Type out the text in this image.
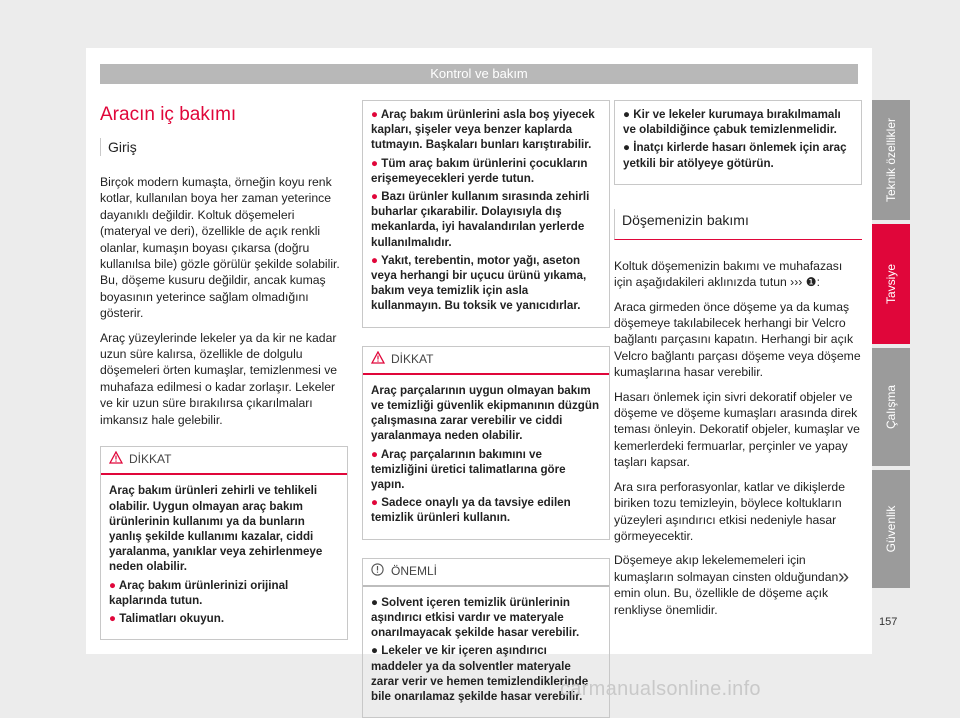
Kontrol ve bakım
Aracın iç bakımı
Giriş

Birçok modern kumaşta, örneğin koyu renk kotlar, kullanılan boya her zaman yeterince dayanıklı değildir. Koltuk döşemeleri (materyal ve deri), özellikle de açık renkli olanlar, kumaşın boyası çıkarsa (doğru kullanılsa bile) gözle görülür şekilde solabilir. Bu, döşeme kusuru değildir, ancak kumaş boyasının yeterince sağlam olmadığını gösterir.

Araç yüzeylerinde lekeler ya da kir ne kadar uzun süre kalırsa, özellikle de dolgulu döşemeleri örten kumaşlar, temizlenmesi ve muhafaza edilmesi o kadar zorlaşır. Lekeler ve kir uzun süre bırakılırsa çıkarılmaları imkansız hale gelebilir.

DİKKAT

Araç bakım ürünleri zehirli ve tehlikeli olabilir. Uygun olmayan araç bakım ürünlerinin kullanımı ya da bunların yanlış şekilde kullanımı kazalar, ciddi yaralanma, yanıklar veya zehirlenmeye neden olabilir.

● Araç bakım ürünlerinizi orijinal kaplarında tutun.

● Talimatları okuyun.

● Araç bakım ürünlerini asla boş yiyecek kapları, şişeler veya benzer kaplarda tutmayın. Başkaları bunları karıştırabilir.

● Tüm araç bakım ürünlerini çocukların erişemeyecekleri yerde tutun.

● Bazı ürünler kullanım sırasında zehirli buharlar çıkarabilir. Dolayısıyla dış mekanlarda, iyi havalandırılan yerlerde kullanılmalıdır.

● Yakıt, terebentin, motor yağı, aseton veya herhangi bir uçucu ürünü yıkama, bakım veya temizlik için asla kullanmayın. Bu toksik ve yanıcıdırlar.

DİKKAT

Araç parçalarının uygun olmayan bakım ve temizliği güvenlik ekipmanının düzgün çalışmasına zarar verebilir ve ciddi yaralanmaya neden olabilir.

● Araç parçalarının bakımını ve temizliğini üretici talimatlarına göre yapın.

● Sadece onaylı ya da tavsiye edilen temizlik ürünleri kullanın.

ÖNEMLİ

● Solvent içeren temizlik ürünlerinin aşındırıcı etkisi vardır ve materyale onarılmayacak şekilde hasar verebilir.

● Lekeler ve kir içeren aşındırıcı maddeler ya da solventler materyale zarar verir ve hemen temizlendiklerinde bile onarılamaz şekilde hasar verebilir.

● Kir ve lekeler kurumaya bırakılmamalı ve olabildiğince çabuk temizlenmelidir.

● İnatçı kirlerde hasarı önlemek için araç yetkili bir atölyeye götürün.

Döşemenizin bakımı

Koltuk döşemenizin bakımı ve muhafazası için aşağıdakileri aklınızda tutun ››› ❶:

Araca girmeden önce döşeme ya da kumaş döşemeye takılabilecek herhangi bir Velcro bağlantı parçasını kapatın. Herhangi bir açık Velcro bağlantı parçası döşeme veya döşeme kumaşlarına hasar verebilir.

Hasarı önlemek için sivri dekoratif objeler ve döşeme ve döşeme kumaşları arasında direk teması önleyin. Dekoratif objeler, kumaşlar ve kemerlerdeki fermuarlar, perçinler ve yapay taşları kapsar.

Ara sıra perforasyonlar, katlar ve dikişlerde biriken tozu temizleyin, böylece koltukların yüzeyleri aşındırıcı etkisi nedeniyle hasar görmeyecektir.

Döşemeye akıp lekelememeleri için kumaşların solmayan cinsten olduğundan emin olun. Bu, özellikle de döşeme açık renkliyse önemlidir.

Teknik özellikler
Tavsiye
Çalışma
Güvenlik
»
157
carmanualsonline.info
